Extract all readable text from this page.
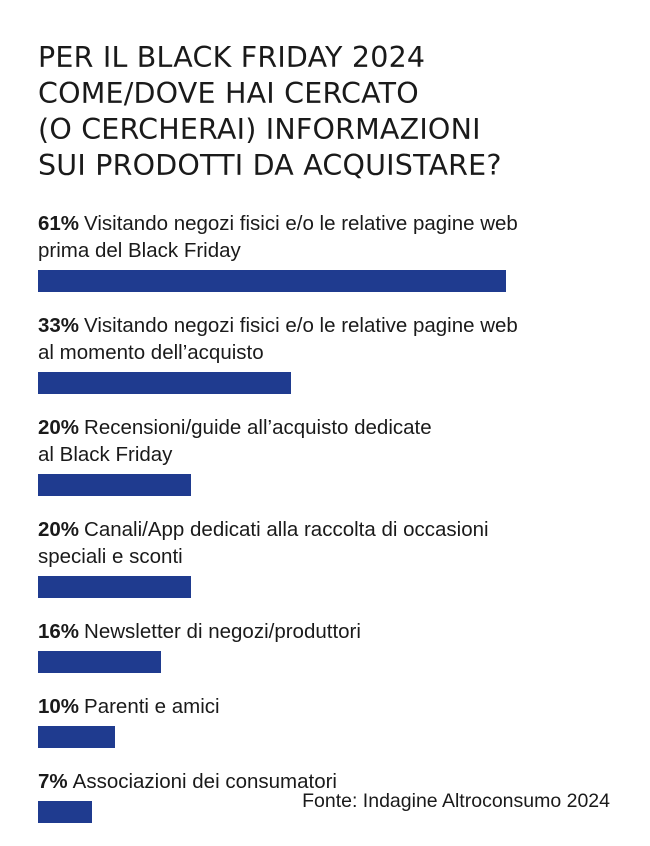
PER IL BLACK FRIDAY 2024
COME/DOVE HAI CERCATO
(O CERCHERAI) INFORMAZIONI
SUI PRODOTTI DA ACQUISTARE?
61% Visitando negozi fisici e/o le relative pagine web
prima del Black Friday
33% Visitando negozi fisici e/o le relative pagine web
al momento dell’acquisto
20% Recensioni/guide all’acquisto dedicate
al Black Friday
20% Canali/App dedicati alla raccolta di occasioni
speciali e sconti
16% Newsletter di negozi/produttori
10% Parenti e amici
7% Associazioni dei consumatori
Fonte: Indagine Altroconsumo 2024
